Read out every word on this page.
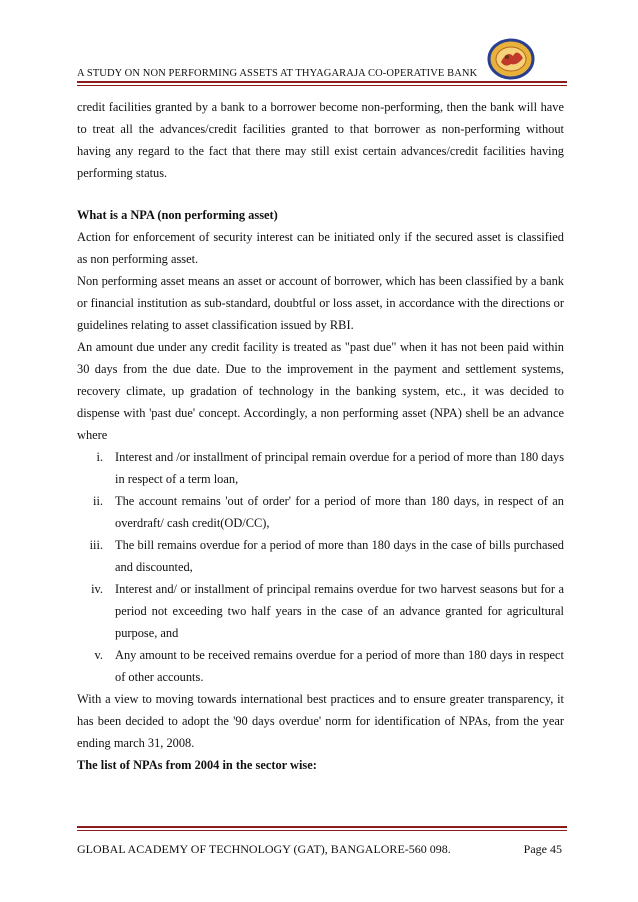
A STUDY ON NON PERFORMING ASSETS AT THYAGARAJA CO-OPERATIVE BANK

credit facilities granted by a bank to a borrower become non-performing, then the bank will have to treat all the advances/credit facilities granted to that borrower as non-performing without having any regard to the fact that there may still exist certain advances/credit facilities having performing status.

What is a NPA (non performing asset)

Action for enforcement of security interest can be initiated only if the secured asset is classified as non performing asset.

Non performing asset means an asset or account of borrower, which has been classified by a bank or financial institution as sub-standard, doubtful or loss asset, in accordance with the directions or guidelines relating to asset classification issued by RBI.

An amount due under any credit facility is treated as "past due" when it has not been paid within 30 days from the due date. Due to the improvement in the payment and settlement systems, recovery climate, up gradation of technology in the banking system, etc., it was decided to dispense with 'past due' concept. Accordingly, a non performing asset (NPA) shell be an advance where

i. Interest and /or installment of principal remain overdue for a period of more than 180 days in respect of a term loan,
ii. The account remains 'out of order' for a period of more than 180 days, in respect of an overdraft/ cash credit(OD/CC),
iii. The bill remains overdue for a period of more than 180 days in the case of bills purchased and discounted,
iv. Interest and/ or installment of principal remains overdue for two harvest seasons but for a period not exceeding two half years in the case of an advance granted for agricultural purpose, and
v. Any amount to be received remains overdue for a period of more than 180 days in respect of other accounts.

With a view to moving towards international best practices and to ensure greater transparency, it has been decided to adopt the '90 days overdue' norm for identification of NPAs, from the year ending march 31, 2008.

The list of NPAs from 2004 in the sector wise:

GLOBAL ACADEMY OF TECHNOLOGY (GAT), BANGALORE-560 098.	Page 45
